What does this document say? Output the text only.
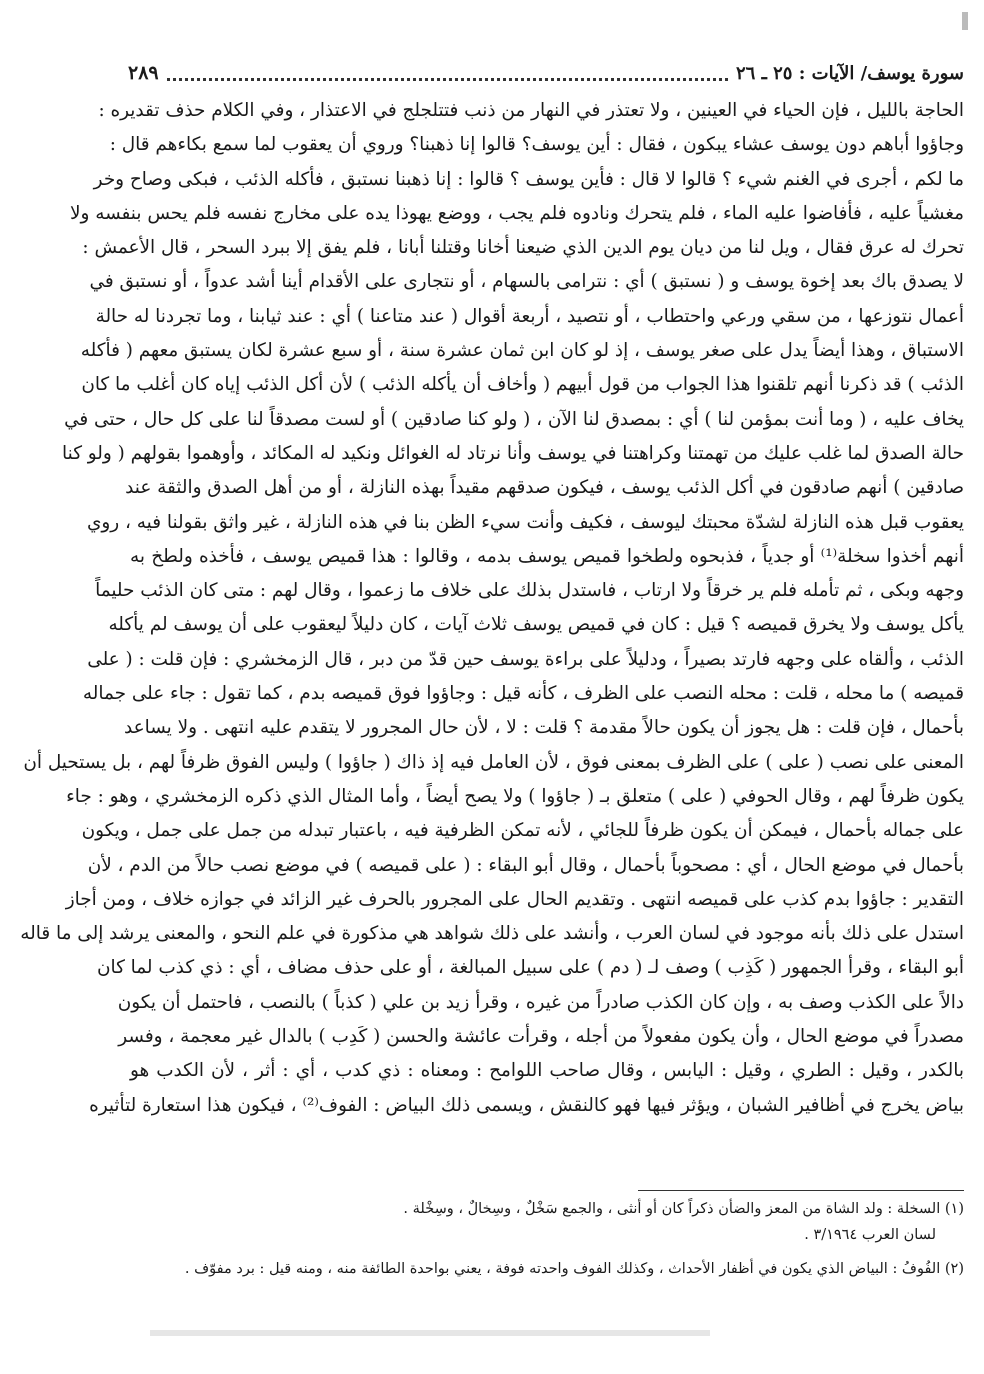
سورة يوسف/ الآيات : ٢٥ ـ ٢٦
٢٨٩
الحاجة بالليل ، فإن الحياء في العينين ، ولا تعتذر في النهار من ذنب فتتلجلج في الاعتذار ، وفي الكلام حذف تقديره :
وجاؤوا أباهم دون يوسف عشاء يبكون ، فقال : أين يوسف؟ قالوا إنا ذهبنا؟ وروي أن يعقوب لما سمع بكاءهم قال :
ما لكم ، أجرى في الغنم شيء ؟ قالوا لا قال : فأين يوسف ؟ قالوا : إنا ذهبنا نستبق ، فأكله الذئب ، فبكى وصاح وخر
مغشياً عليه ، فأفاضوا عليه الماء ، فلم يتحرك ونادوه فلم يجب ، ووضع يهوذا يده على مخارج نفسه فلم يحس بنفسه ولا
تحرك له عرق فقال ، ويل لنا من ديان يوم الدين الذي ضيعنا أخانا وقتلنا أبانا ، فلم يفق إلا ببرد السحر ، قال الأعمش :
لا يصدق باك بعد إخوة يوسف و ( نستبق ) أي : نترامى بالسهام ، أو نتجارى على الأقدام أينا أشد عدواً ، أو نستبق في
أعمال نتوزعها ، من سقي ورعي واحتطاب ، أو نتصيد ، أربعة أقوال ( عند متاعنا ) أي : عند ثيابنا ، وما تجردنا له حالة
الاستباق ، وهذا أيضاً يدل على صغر يوسف ، إذ لو كان ابن ثمان عشرة سنة ، أو سبع عشرة لكان يستبق معهم ( فأكله
الذئب ) قد ذكرنا أنهم تلقنوا هذا الجواب من قول أبيهم ( وأخاف أن يأكله الذئب ) لأن أكل الذئب إياه كان أغلب ما كان
يخاف عليه ، ( وما أنت بمؤمن لنا ) أي : بمصدق لنا الآن ، ( ولو كنا صادقين ) أو لست مصدقاً لنا على كل حال ، حتى في
حالة الصدق لما غلب عليك من تهمتنا وكراهتنا في يوسف وأنا نرتاد له الغوائل ونكيد له المكائد ، وأوهموا بقولهم ( ولو كنا
صادقين ) أنهم صادقون في أكل الذئب يوسف ، فيكون صدقهم مقيداً بهذه النازلة ، أو من أهل الصدق والثقة عند
يعقوب قبل هذه النازلة لشدّة محبتك ليوسف ، فكيف وأنت سيء الظن بنا في هذه النازلة ، غير واثق بقولنا فيه ، روي
أنهم أخذوا سخلة⁽¹⁾ أو جدياً ، فذبحوه ولطخوا قميص يوسف بدمه ، وقالوا : هذا قميص يوسف ، فأخذه ولطخ به
وجهه وبكى ، ثم تأمله فلم ير خرقاً ولا ارتاب ، فاستدل بذلك على خلاف ما زعموا ، وقال لهم : متى كان الذئب حليماً
يأكل يوسف ولا يخرق قميصه ؟ قيل : كان في قميص يوسف ثلاث آيات ، كان دليلاً ليعقوب على أن يوسف لم يأكله
الذئب ، وألقاه على وجهه فارتد بصيراً ، ودليلاً على براءة يوسف حين قدّ من دبر ، قال الزمخشري : فإن قلت : ( على
قميصه ) ما محله ، قلت : محله النصب على الظرف ، كأنه قيل : وجاؤوا فوق قميصه بدم ، كما تقول : جاء على جماله
بأحمال ، فإن قلت : هل يجوز أن يكون حالاً مقدمة ؟ قلت : لا ، لأن حال المجرور لا يتقدم عليه انتهى . ولا يساعد
المعنى على نصب ( على ) على الظرف بمعنى فوق ، لأن العامل فيه إذ ذاك ( جاؤوا ) وليس الفوق ظرفاً لهم ، بل يستحيل أن
يكون ظرفاً لهم ، وقال الحوفي ( على ) متعلق بـ ( جاؤوا ) ولا يصح أيضاً ، وأما المثال الذي ذكره الزمخشري ، وهو : جاء
على جماله بأحمال ، فيمكن أن يكون ظرفاً للجائي ، لأنه تمكن الظرفية فيه ، باعتبار تبدله من جمل على جمل ، ويكون
بأحمال في موضع الحال ، أي : مصحوباً بأحمال ، وقال أبو البقاء : ( على قميصه ) في موضع نصب حالاً من الدم ، لأن
التقدير : جاؤوا بدم كذب على قميصه انتهى . وتقديم الحال على المجرور بالحرف غير الزائد في جوازه خلاف ، ومن أجاز
استدل على ذلك بأنه موجود في لسان العرب ، وأنشد على ذلك شواهد هي مذكورة في علم النحو ، والمعنى يرشد إلى ما قاله
أبو البقاء ، وقرأ الجمهور ( كَذِب ) وصف لـ ( دم ) على سبيل المبالغة ، أو على حذف مضاف ، أي : ذي كذب لما كان
دالاً على الكذب وصف به ، وإن كان الكذب صادراً من غيره ، وقرأ زيد بن علي ( كذباً ) بالنصب ، فاحتمل أن يكون
مصدراً في موضع الحال ، وأن يكون مفعولاً من أجله ، وقرأت عائشة والحسن ( كَدِب ) بالدال غير معجمة ، وفسر
بالكدر ، وقيل : الطري ، وقيل : اليابس ، وقال صاحب اللوامح : ومعناه : ذي كدب ، أي : أثر ، لأن الكدب هو
بياض يخرج في أظافير الشبان ، ويؤثر فيها فهو كالنقش ، ويسمى ذلك البياض : الفوف⁽²⁾ ، فيكون هذا استعارة لتأثيره
(١) السخلة : ولد الشاة من المعز والضأن ذكراً كان أو أنثى ، والجمع سَخْلٌ ، وسِخالٌ ، وسِخْلة .
لسان العرب ٣/١٩٦٤ .
(٢) الفُوفُ : البياض الذي يكون في أظفار الأحداث ، وكذلك الفوف واحدته فوفة ، يعني بواحدة الطائفة منه ، ومنه قيل : برد مفوّف .
